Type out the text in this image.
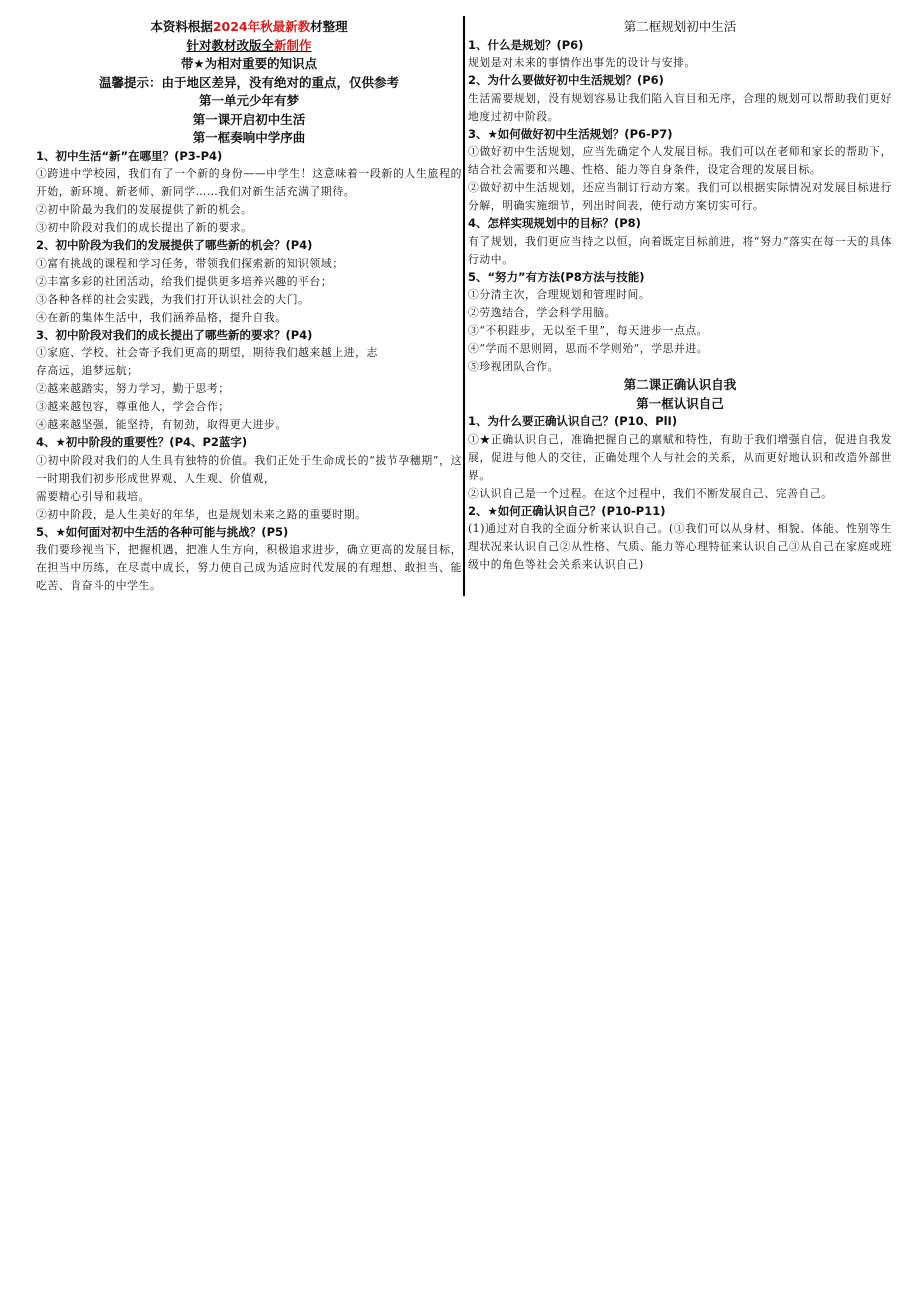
本资料根据2024年秋最新教材整理
针对教材改版全新制作
带★为相对重要的知识点
温馨提示：由于地区差异，没有绝对的重点，仅供参考
第一单元少年有梦
第一课开启初中生活
第一框奏响中学序曲
1、初中生活“新”在哪里？(P3-P4)

①跨进中学校园，我们有了一个新的身份——中学生！这意味着一段新的人生旅程的开始，新环境、新老师、新同学……我们对新生活充满了期待。
②初中阶最为我们的发展提供了新的机会。
③初中阶段对我们的成长提出了新的要求。

2、初中阶段为我们的发展提供了哪些新的机会？(P4)

①富有挑战的课程和学习任务，带领我们探索新的知识领域；
②丰富多彩的社团活动，给我们提供更多培养兴趣的平台；
③各种各样的社会实践，为我们打开认识社会的大门。
④在新的集体生活中，我们涵养品格，提升自我。

3、初中阶段对我们的成长提出了哪些新的要求？(P4)

①家庭、学校、社会寄予我们更高的期望，期待我们越来越上进，志
存高远，追梦远航；
②越来越踏实，努力学习，勤于思考；
③越来越包容，尊重他人，学会合作；
④越来越坚强，能坚持，有韧劲，取得更大进步。

4、★初中阶段的重要性？(P4、P2蓝字)

①初中阶段对我们的人生具有独特的价值。我们正处于生命成长的“拔节孕穗期”，这一时期我们初步形成世界观、人生观、价值观，
需要精心引导和栽培。
②初中阶段，是人生美好的年华，也是规划未来之路的重要时期。

5、★如何面对初中生活的各种可能与挑战？(P5)

我们要珍视当下，把握机遇，把准人生方向，积极追求进步，确立更高的发展目标，在担当中历练，在尽责中成长，努力使自己成为适应时代发展的有理想、敢担当、能吃苦、肯奋斗的中学生。

第二框规划初中生活
1、什么是规划？(P6)

规划是对未来的事情作出事先的设计与安排。

2、为什么要做好初中生活规划？(P6)

生活需要规划，没有规划容易让我们陷入盲目和无序，合理的规划可以帮助我们更好地度过初中阶段。

3、★如何做好初中生活规划？(P6-P7)

①做好初中生活规划，应当先确定个人发展目标。我们可以在老师和家长的帮助下，结合社会需要和兴趣、性格、能力等自身条件，设定合理的发展目标。
②做好初中生活规划，还应当制订行动方案。我们可以根据实际情况对发展目标进行分解，明确实施细节，列出时间表，使行动方案切实可行。

4、怎样实现规划中的目标？(P8)

有了规划，我们更应当持之以恒，向着既定目标前进，将“努力”落实在每一天的具体行动中。

5、“努力”有方法(P8方法与技能)

①分清主次，合理规划和管理时间。
②劳逸结合，学会科学用脑。
③“不积跬步，无以至千里”，每天进步一点点。
④“学而不思则罔，思而不学则殆“，学思并进。
⑤珍视团队合作。

第二课正确认识自我
第一框认识自己
1、为什么要正确认识自己？(P10、PlI)

①★正确认识自己，准确把握自己的禀赋和特性，有助于我们增强自信，促进自我发展，促进与他人的交往，正确处理个人与社会的关系，从而更好地认识和改造外部世界。
②认识自己是一个过程。在这个过程中，我们不断发展自己、完善自己。

2、★如何正确认识自己？(P10-P11)

(1)通过对自我的全面分析来认识自己。(①我们可以从身材、相貌、体能、性别等生理状况来认识自己②从性格、气质、能力等心理特征来认识自己③从自己在家庭或班级中的角色等社会关系来认识自己)
